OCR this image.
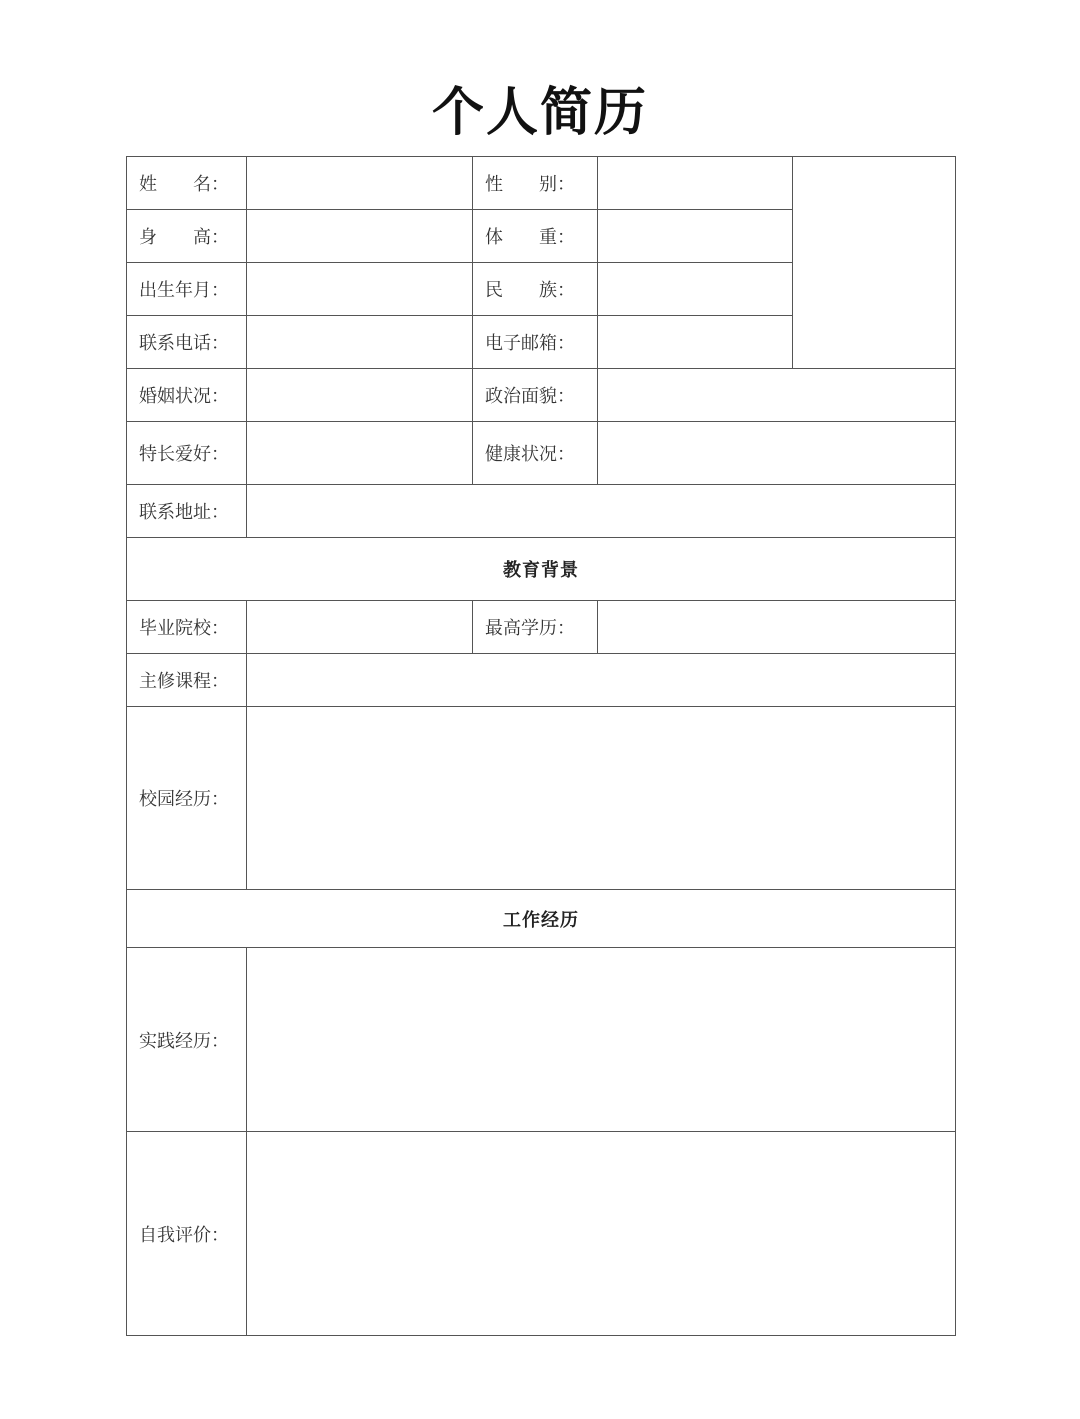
个人简历
姓　　名：		性　　别：		
身　　高：		体　　重：		
出生年月：		民　　族：		
联系电话：		电子邮箱：		
婚姻状况：		政治面貌：		
特长爱好：		健康状况：		
联系地址：				
教育背景				
毕业院校：		最高学历：		
主修课程：				
校园经历：				
工作经历				
实践经历：				
自我评价：				
